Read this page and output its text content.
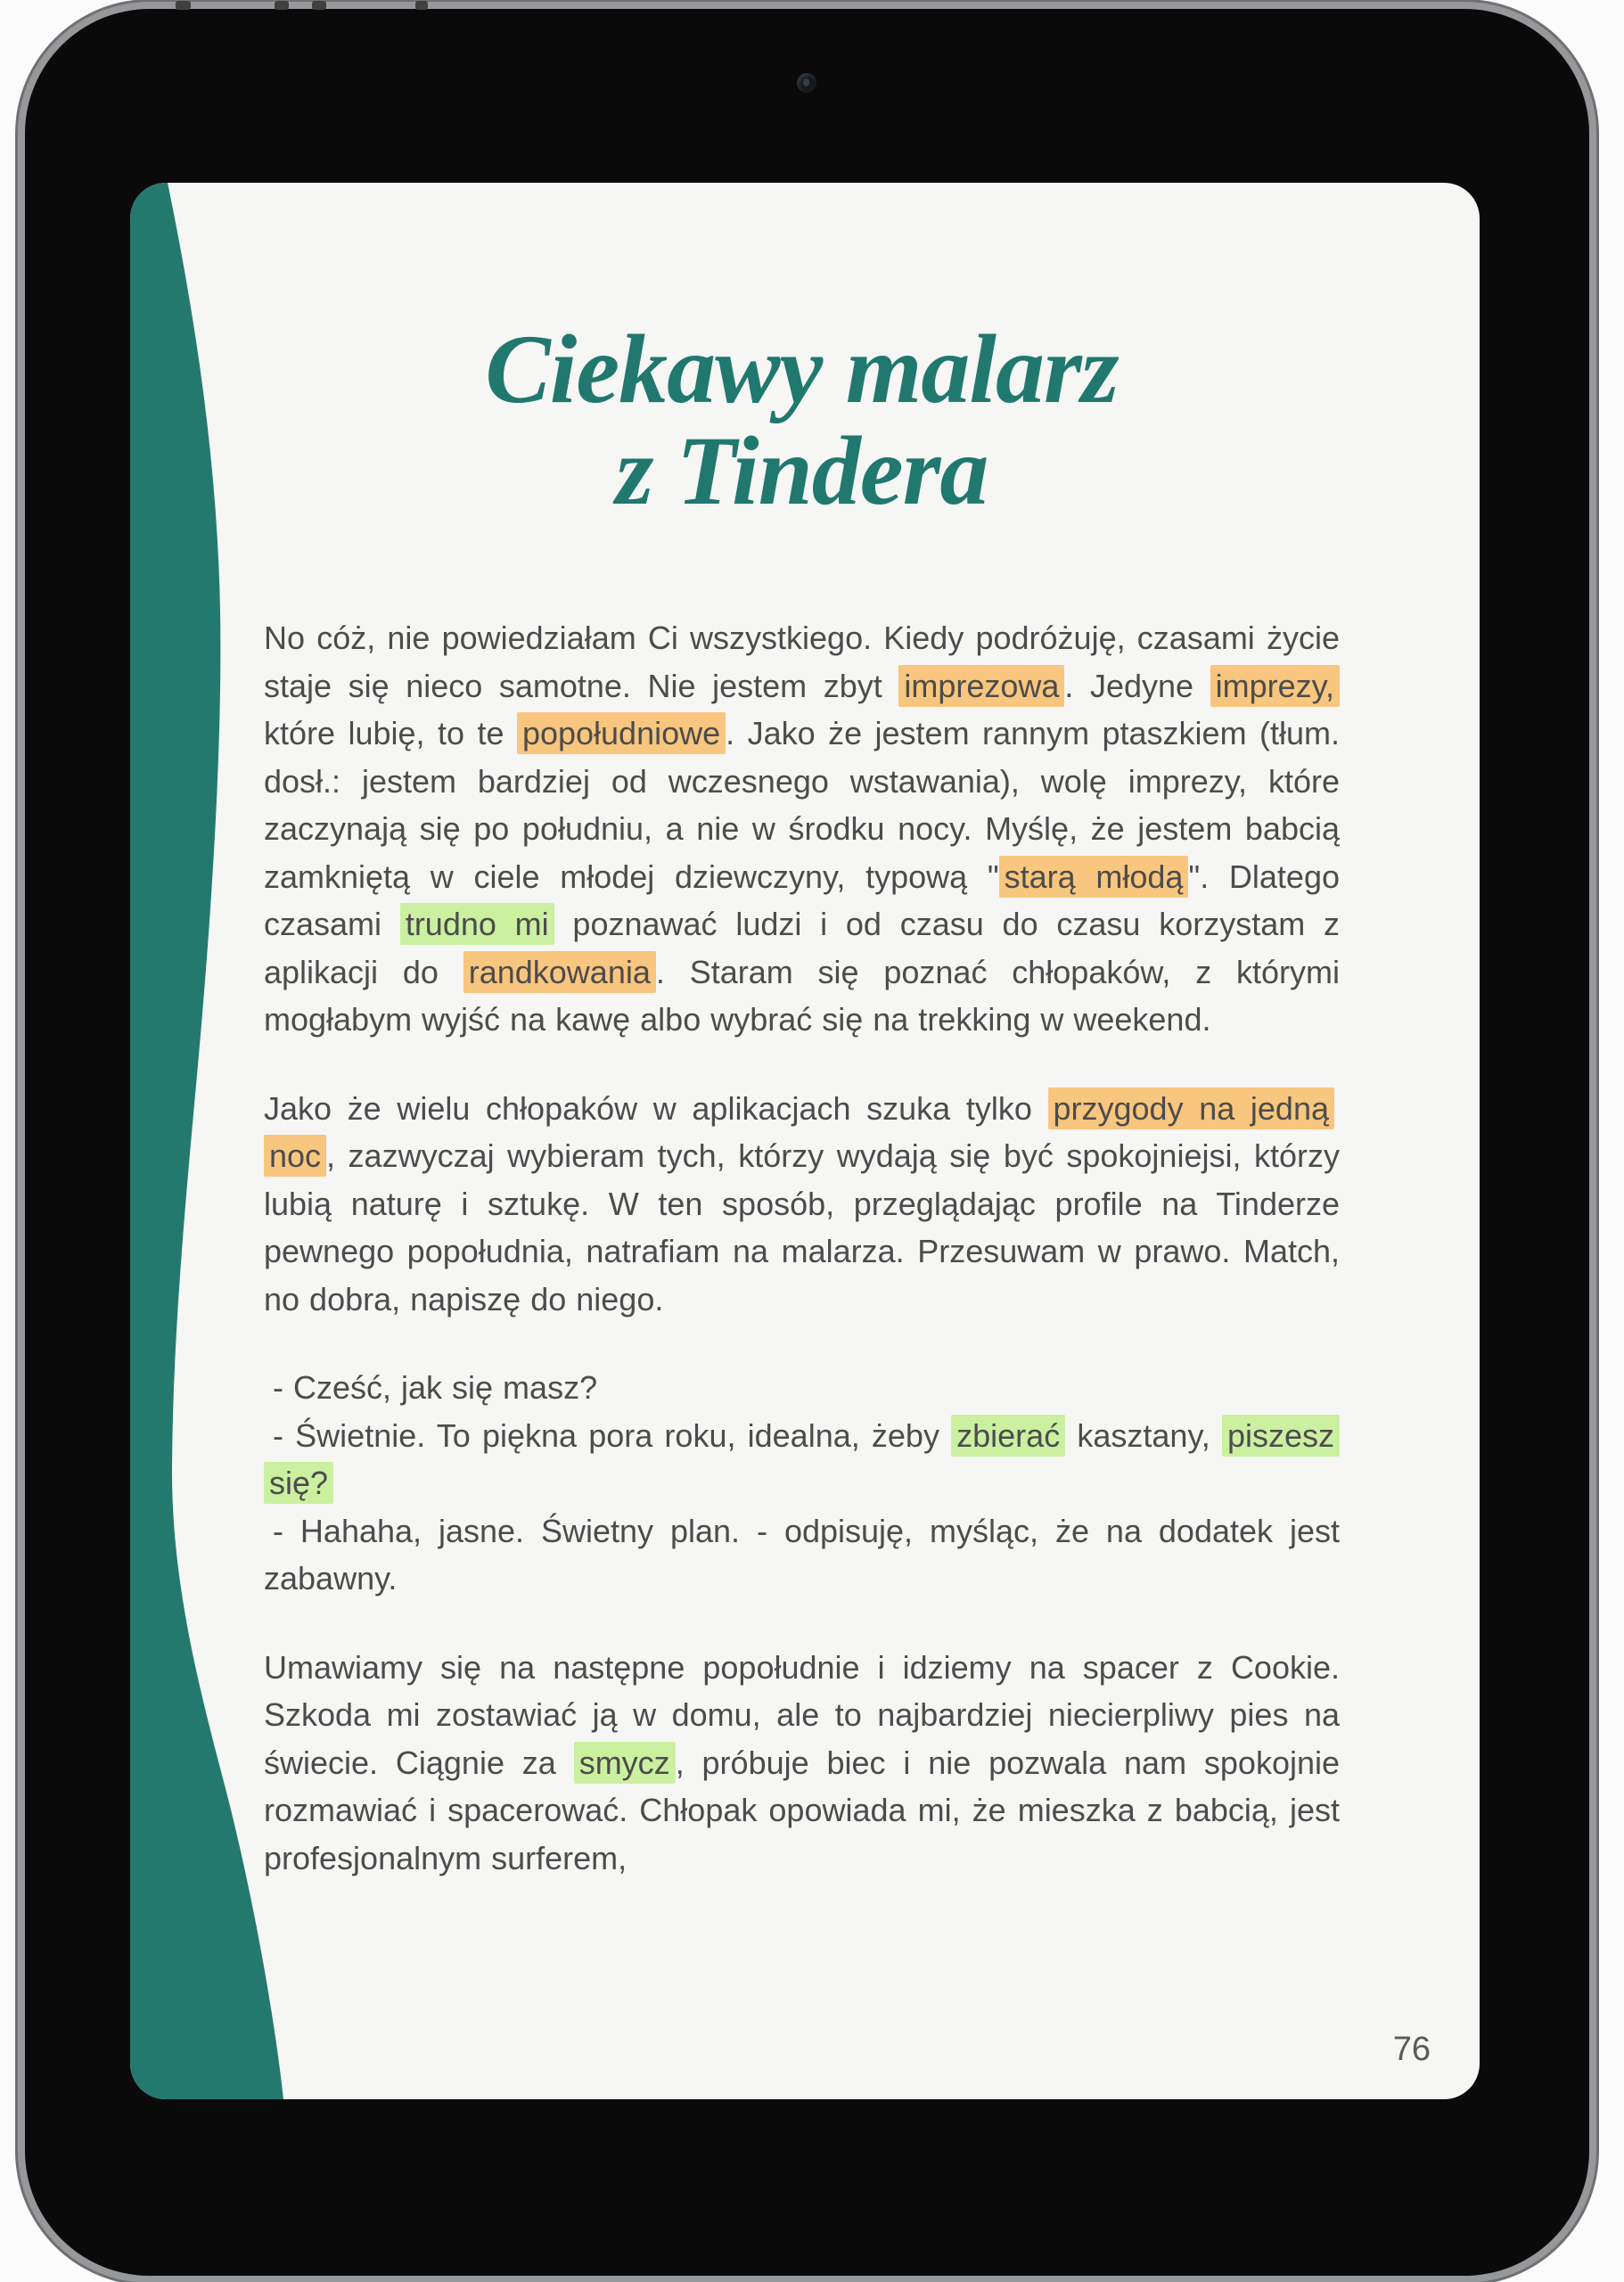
Ciekawy malarz
z Tindera

No cóż, nie powiedziałam Ci wszystkiego. Kiedy podróżuję, czasami życie staje się nieco samotne. Nie jestem zbyt imprezowa . Jedyne imprezy, które lubię, to te popołudniowe . Jako że jestem rannym ptaszkiem (tłum. dosł.: jestem bardziej od wczesnego wstawania), wolę imprezy, które zaczynają się po południu, a nie w środku nocy. Myślę, że jestem babcią zamkniętą w ciele młodej dziewczyny, typową " starą młodą ". Dlatego czasami trudno mi poznawać ludzi i od czasu do czasu korzystam z aplikacji do randkowania . Staram się poznać chłopaków, z którymi mogłabym wyjść na kawę albo wybrać się na trekking w weekend.

Jako że wielu chłopaków w aplikacjach szuka tylko przygody na jedną noc , zazwyczaj wybieram tych, którzy wydają się być spokojniejsi, którzy lubią naturę i sztukę. W ten sposób, przeglądając profile na Tinderze pewnego popołudnia, natrafiam na malarza. Przesuwam w prawo. Match, no dobra, napiszę do niego.

- Cześć, jak się masz?

- Świetnie. To piękna pora roku, idealna, żeby zbierać kasztany, piszesz się?

- Hahaha, jasne. Świetny plan. - odpisuję, myśląc, że na dodatek jest zabawny.

Umawiamy się na następne popołudnie i idziemy na spacer z Cookie. Szkoda mi zostawiać ją w domu, ale to najbardziej niecierpliwy pies na świecie. Ciągnie za smycz , próbuje biec i nie pozwala nam spokojnie rozmawiać i spacerować. Chłopak opowiada mi, że mieszka z babcią, jest profesjonalnym surferem,

76
